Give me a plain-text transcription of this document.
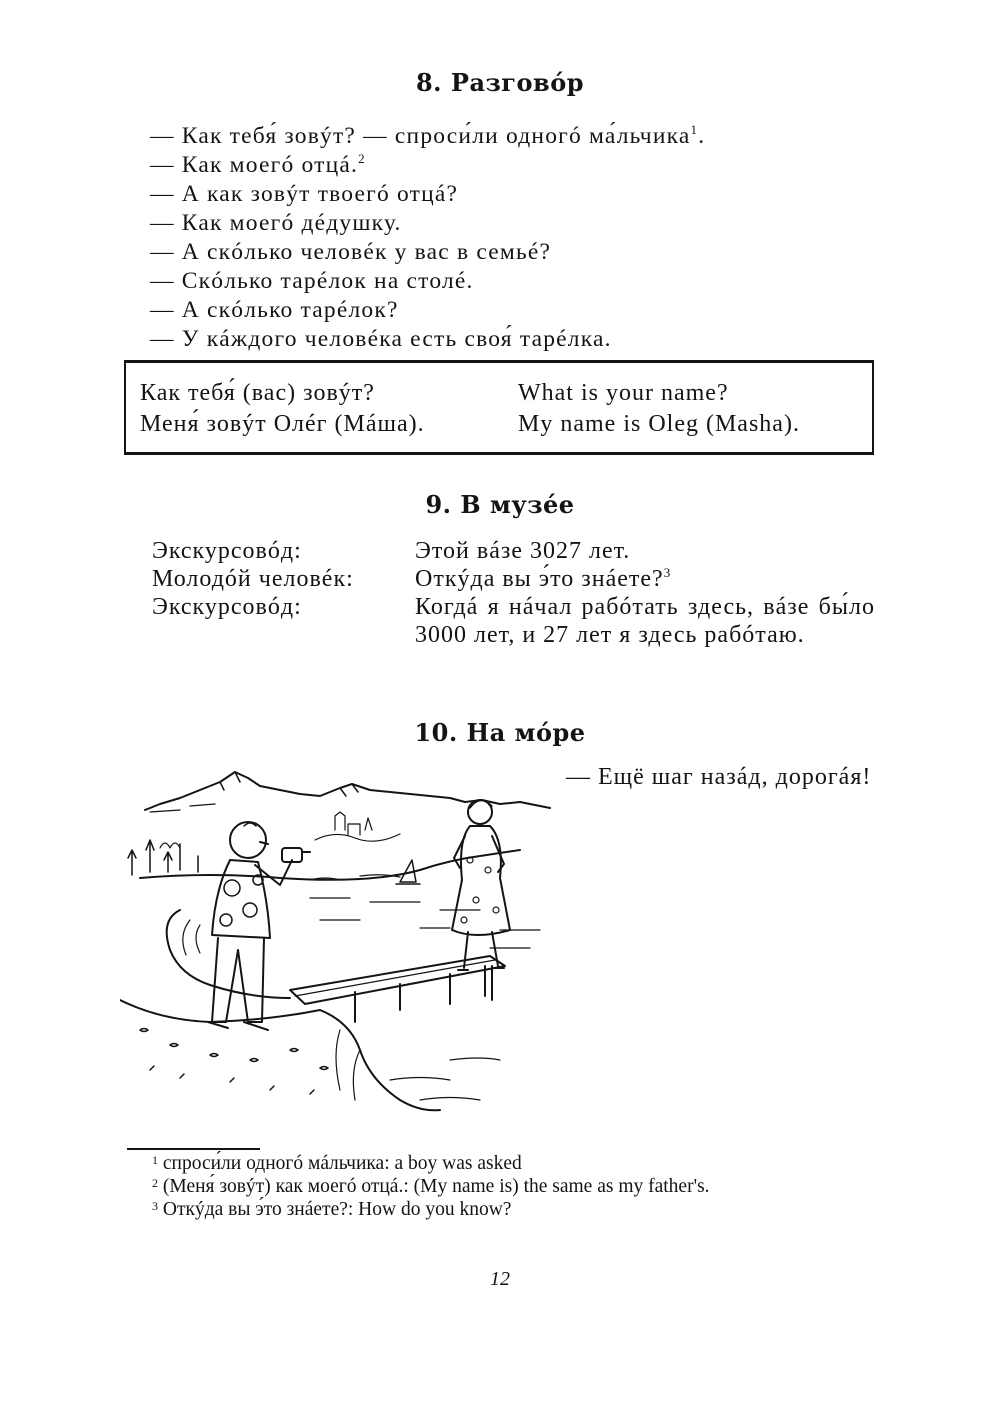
8. Разговóр
— Как тебя́ зовýт? — спроси́ли одногó ма́льчика$^1$.
— Как моегó отцá.$^2$
— А как зовýт твоегó отцá?
— Как моегó дéдушку.
— А скóлько человéк у вас в семьé?
— Скóлько тарéлок на столé.
— А скóлько тарéлок?
— У кáждого человéка есть своя́ тарéлка.
Как тебя́ (вас) зовýт?	What is your name?
Меня́ зовýт Олéг (Мáша).	My name is Oleg (Masha).
9. В музéе
Экскурсовóд:	Этой вáзе 3027 лет.
Молодóй человéк:	Откýда вы э́то знáете?$^3$
Экскурсовóд:	Когдá я нáчал рабóтать здесь, вáзе бы́ло 3000 лет, и 27 лет я здесь рабóтаю.
10. На мóре
— Ещё шаг назáд, дорогáя!
$^1$ спроси́ли одногó мáльчика: a boy was asked
$^2$ (Меня́ зовýт) как моегó отцá.: (My name is) the same as my father's.
$^3$ Откýда вы э́то знáете?: How do you know?
12
